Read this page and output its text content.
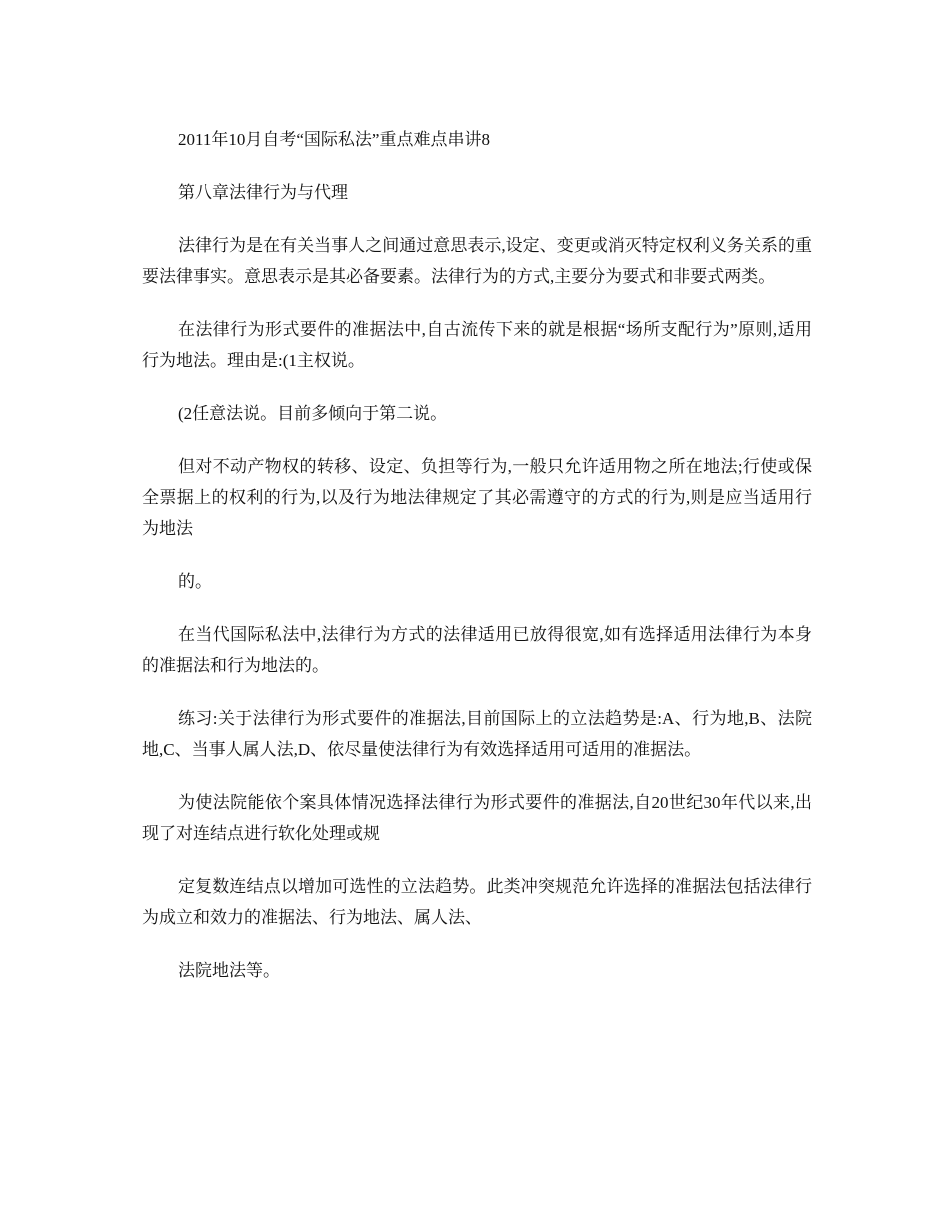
2011年10月自考“国际私法”重点难点串讲8

第八章法律行为与代理

法律行为是在有关当事人之间通过意思表示,设定、变更或消灭特定权利义务关系的重要法律事实。意思表示是其必备要素。法律行为的方式,主要分为要式和非要式两类。

在法律行为形式要件的准据法中,自古流传下来的就是根据“场所支配行为”原则,适用行为地法。理由是:(1主权说。

(2任意法说。目前多倾向于第二说。

但对不动产物权的转移、设定、负担等行为,一般只允许适用物之所在地法;行使或保全票据上的权利的行为,以及行为地法律规定了其必需遵守的方式的行为,则是应当适用行为地法

的。

在当代国际私法中,法律行为方式的法律适用已放得很宽,如有选择适用法律行为本身的准据法和行为地法的。

练习:关于法律行为形式要件的准据法,目前国际上的立法趋势是:A、行为地,B、法院地,C、当事人属人法,D、依尽量使法律行为有效选择适用可适用的准据法。

为使法院能依个案具体情况选择法律行为形式要件的准据法,自20世纪30年代以来,出现了对连结点进行软化处理或规

定复数连结点以增加可选性的立法趋势。此类冲突规范允许选择的准据法包括法律行为成立和效力的准据法、行为地法、属人法、

法院地法等。
